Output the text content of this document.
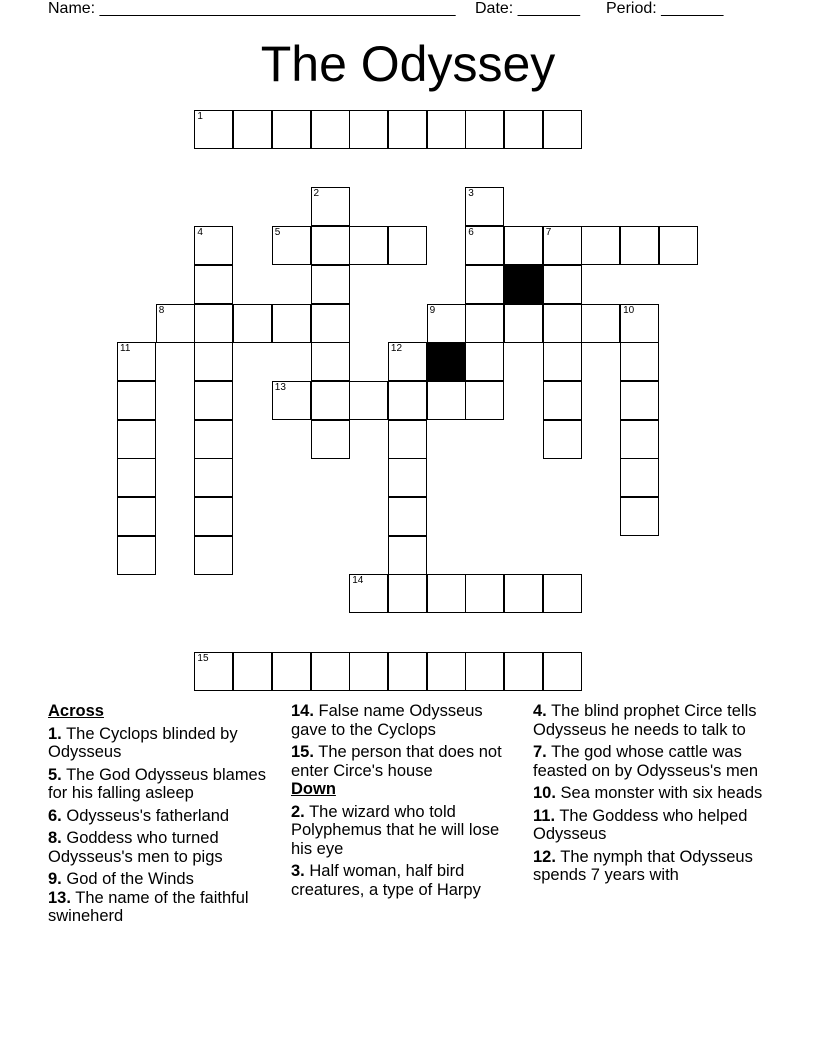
Name: ________________________________________

Date: _______

Period: _______

The Odyssey
1
2	3
4	5	6	7
8	9	10
11	12
13
14
15
Across
1. The Cyclops blinded by Odysseus
5. The God Odysseus blames for his falling asleep
6. Odysseus's fatherland
8. Goddess who turned Odysseus's men to pigs
9. God of the Winds
13. The name of the faithful swineherd
14. False name Odysseus gave to the Cyclops
15. The person that does not enter Circe's house
Down
2. The wizard who told Polyphemus that he will lose his eye
3. Half woman, half bird creatures, a type of Harpy
4. The blind prophet Circe tells Odysseus he needs to talk to
7. The god whose cattle was feasted on by Odysseus's men
10. Sea monster with six heads
11. The Goddess who helped Odysseus
12. The nymph that Odysseus spends 7 years with
